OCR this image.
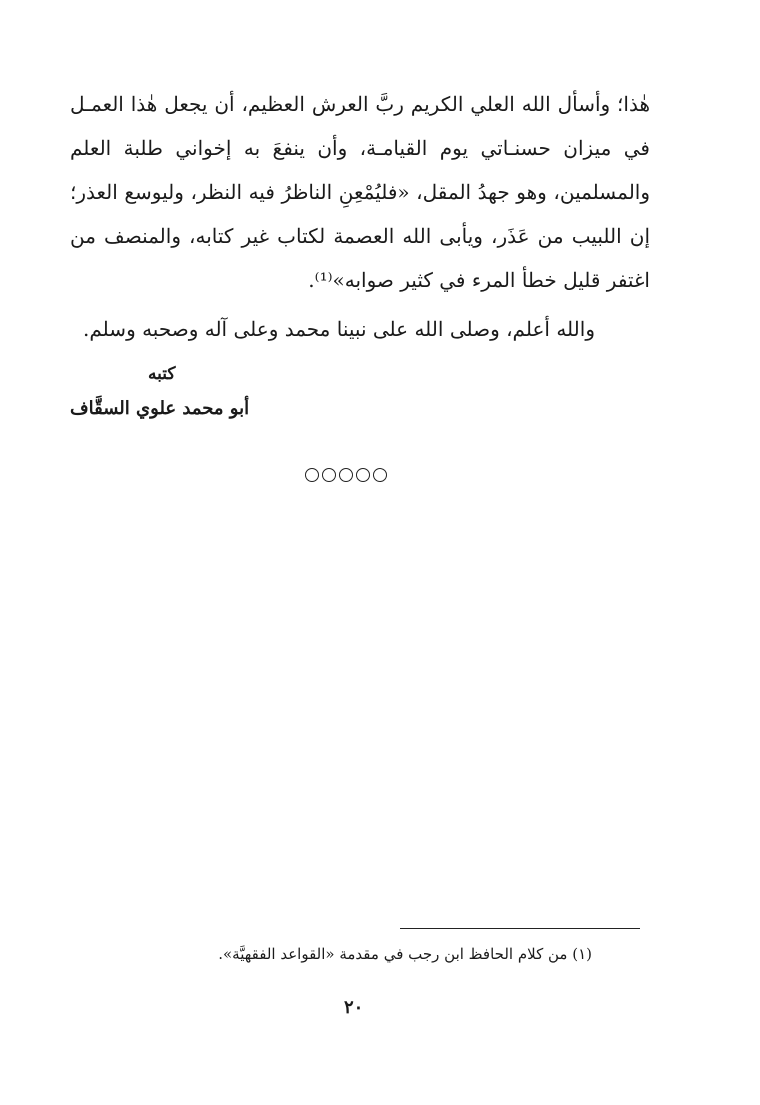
هٰذا؛ وأسأل الله العلي الكريم ربَّ العرش العظيم، أن يجعل هٰذا العمـل في ميزان حسنـاتي يوم القيامـة، وأن ينفعَ به إخواني طلبة العلم والمسلمين، وهو جهدُ المقل، «فليُمْعِنِ الناظرُ فيه النظر، وليوسع العذر؛ إن اللبيب من عَذَر، ويأبى الله العصمة لكتاب غير كتابه، والمنصف من اغتفر قليل خطأ المرء في كثير صوابه»⁽¹⁾.

والله أعلم، وصلى الله على نبينا محمد وعلى آله وصحبه وسلم.
كتبه
أبو محمد علوي السقَّاف
(١) من كلام الحافظ ابن رجب في مقدمة «القواعد الفقهيَّة».
٢٠
